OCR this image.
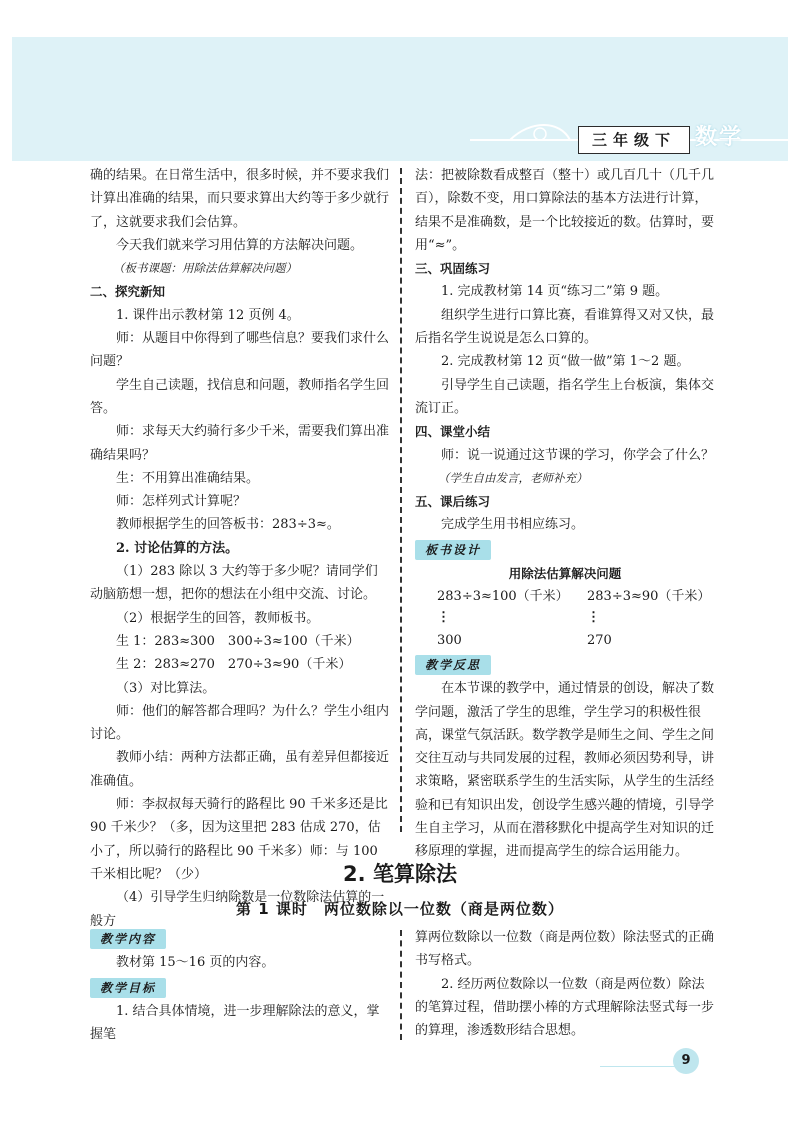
三年级下 数学

确的结果。在日常生活中，很多时候，并不要求我们计算出准确的结果，而只要求算出大约等于多少就行了，这就要求我们会估算。

今天我们就来学习用估算的方法解决问题。

（板书课题：用除法估算解决问题）

二、探究新知

1. 课件出示教材第 12 页例 4。

师：从题目中你得到了哪些信息？要我们求什么问题？

学生自己读题，找信息和问题，教师指名学生回答。

师：求每天大约骑行多少千米，需要我们算出准确结果吗？

生：不用算出准确结果。

师：怎样列式计算呢？

教师根据学生的回答板书：283÷3≈。

2. 讨论估算的方法。

（1）283 除以 3 大约等于多少呢？请同学们动脑筋想一想，把你的想法在小组中交流、讨论。

（2）根据学生的回答，教师板书。

生 1：283≈300　300÷3≈100（千米）

生 2：283≈270　270÷3≈90（千米）

（3）对比算法。

师：他们的解答都合理吗？为什么？学生小组内讨论。

教师小结：两种方法都正确，虽有差异但都接近准确值。

师：李叔叔每天骑行的路程比 90 千米多还是比 90 千米少？（多，因为这里把 283 估成 270，估小了，所以骑行的路程比 90 千米多）师：与 100 千米相比呢？（少）

（4）引导学生归纳除数是一位数除法估算的一般方

法：把被除数看成整百（整十）或几百几十（几千几百），除数不变，用口算除法的基本方法进行计算，结果不是准确数，是一个比较接近的数。估算时，要用“≈”。

三、巩固练习

1. 完成教材第 14 页“练习二”第 9 题。

组织学生进行口算比赛，看谁算得又对又快，最后指名学生说说是怎么口算的。

2. 完成教材第 12 页“做一做”第 1～2 题。

引导学生自己读题，指名学生上台板演，集体交流订正。

四、课堂小结

师：说一说通过这节课的学习，你学会了什么？

（学生自由发言，老师补充）

五、课后练习

完成学生用书相应练习。

板书设计

用除法估算解决问题

283÷3≈100（千米）	283÷3≈90（千米）
⋮	⋮
300	270
教学反思

在本节课的教学中，通过情景的创设，解决了数学问题，激活了学生的思维，学生学习的积极性很高，课堂气氛活跃。数学教学是师生之间、学生之间交往互动与共同发展的过程，教师必须因势利导，讲求策略，紧密联系学生的生活实际，从学生的生活经验和已有知识出发，创设学生感兴趣的情境，引导学生自主学习，从而在潜移默化中提高学生对知识的迁移原理的掌握，进而提高学生的综合运用能力。

2. 笔算除法
第 1 课时　两位数除以一位数（商是两位数）
教学内容

教材第 15～16 页的内容。

教学目标

1. 结合具体情境，进一步理解除法的意义，掌握笔

算两位数除以一位数（商是两位数）除法竖式的正确书写格式。

2. 经历两位数除以一位数（商是两位数）除法的笔算过程，借助摆小棒的方式理解除法竖式每一步的算理，渗透数形结合思想。

9
